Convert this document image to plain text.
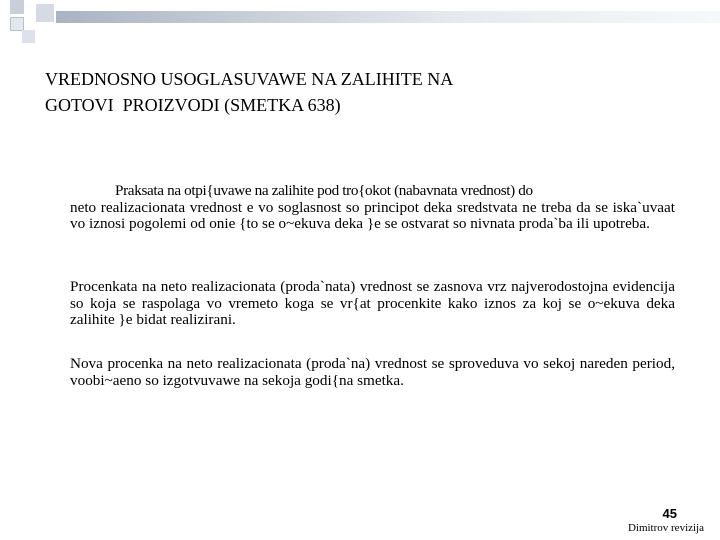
VREDNOSNO USOGLASUVAWE NA ZALIHITE NA
GOTOVI  PROIZVODI (SMETKA 638)
Praksata na otpi{uvawe na zalihite pod tro{okot (nabavnata vrednost) do
neto realizacionata vrednost e vo soglasnost so principot deka sredstvata ne treba da se iska`uvaat vo iznosi pogolemi od onie {to se o~ekuva deka }e se ostvarat so nivnata proda`ba ili upotreba.
Procenkata na neto realizacionata (proda`nata) vrednost se zasnova vrz najverodostojna evidencija so koja se raspolaga vo vremeto koga se vr{at procenkite kako iznos za koj se o~ekuva deka zalihite }e bidat realizirani.
Nova procenka na neto realizacionata (proda`na) vrednost se sproveduva vo sekoj nareden period, voobi~aeno so izgotvuvawe na sekoja godi{na smetka.
45
Dimitrov revizija
